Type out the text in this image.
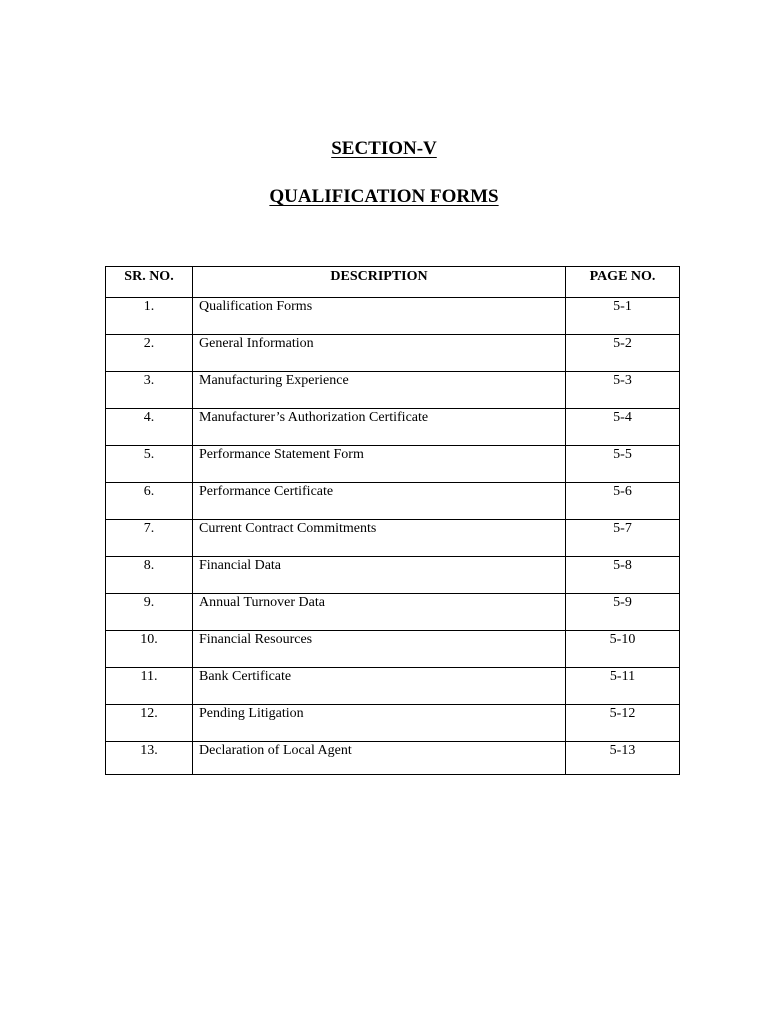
SECTION-V
QUALIFICATION FORMS
SR. NO.	DESCRIPTION	PAGE NO.
1.	Qualification Forms	5-1
2.	General Information	5-2
3.	Manufacturing Experience	5-3
4.	Manufacturer’s Authorization Certificate	5-4
5.	Performance Statement Form	5-5
6.	Performance Certificate	5-6
7.	Current Contract Commitments	5-7
8.	Financial Data	5-8
9.	Annual Turnover Data	5-9
10.	Financial Resources	5-10
11.	Bank Certificate	5-11
12.	Pending Litigation	5-12
13.	Declaration of Local Agent	5-13
